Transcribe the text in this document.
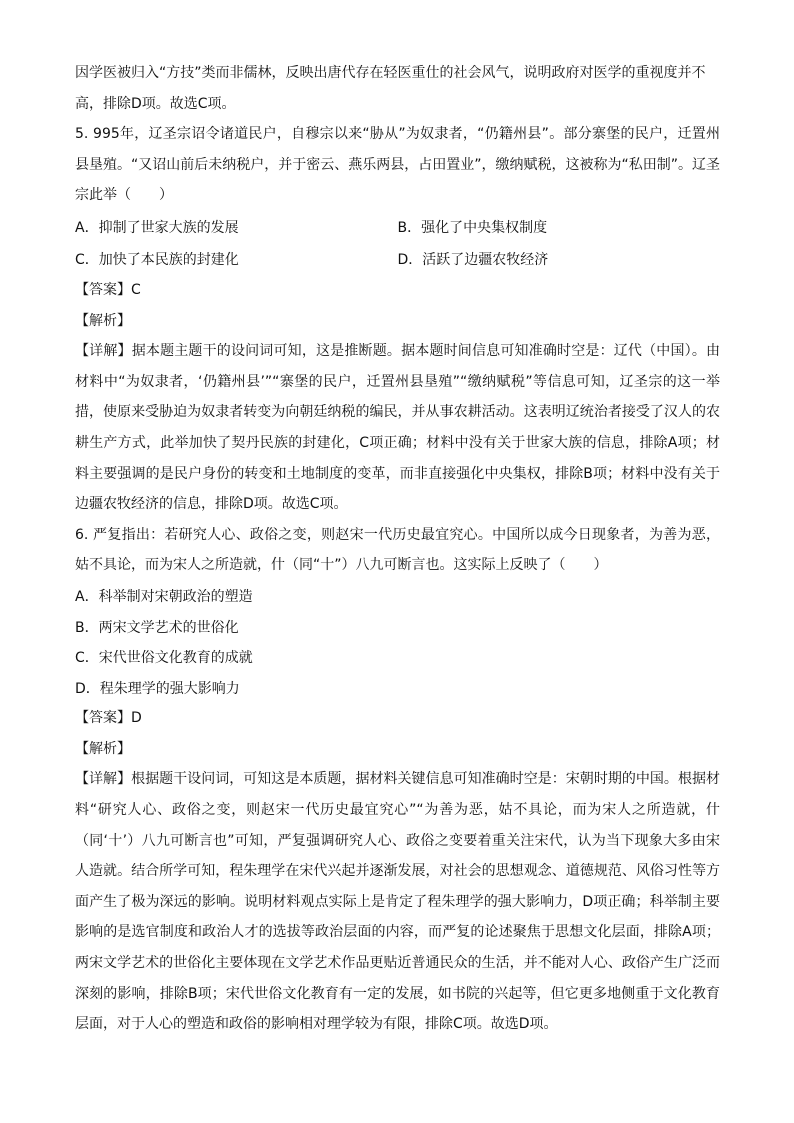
因学医被归入“方技”类而非儒林，反映出唐代存在轻医重仕的社会风气，说明政府对医学的重视度并不
高，排除D项。故选C项。

5. 995年，辽圣宗诏令诸道民户，自穆宗以来“胁从”为奴隶者，“仍籍州县”。部分寨堡的民户，迁置州县垦殖。“又诏山前后未纳税户，并于密云、燕乐两县，占田置业”，缴纳赋税，这被称为“私田制”。辽圣宗此举（　　）

A．抑制了世家大族的发展	B．强化了中央集权制度
C．加快了本民族的封建化	D．活跃了边疆农牧经济

【答案】C

【解析】

【详解】据本题主题干的设问词可知，这是推断题。据本题时间信息可知准确时空是：辽代（中国）。由材料中“为奴隶者，‘仍籍州县’”“寨堡的民户，迁置州县垦殖”“缴纳赋税”等信息可知，辽圣宗的这一举措，使原来受胁迫为奴隶者转变为向朝廷纳税的编民，并从事农耕活动。这表明辽统治者接受了汉人的农耕生产方式，此举加快了契丹民族的封建化，C项正确；材料中没有关于世家大族的信息，排除A项；材料主要强调的是民户身份的转变和土地制度的变革，而非直接强化中央集权，排除B项；材料中没有关于边疆农牧经济的信息，排除D项。故选C项。

6. 严复指出：若研究人心、政俗之变，则赵宋一代历史最宜究心。中国所以成今日现象者，为善为恶，姑不具论，而为宋人之所造就，什（同“十”）八九可断言也。这实际上反映了（　　）

A．科举制对宋朝政治的塑造
B．两宋文学艺术的世俗化
C．宋代世俗文化教育的成就
D．程朱理学的强大影响力

【答案】D

【解析】

【详解】根据题干设问词，可知这是本质题，据材料关键信息可知准确时空是：宋朝时期的中国。根据材料“研究人心、政俗之变，则赵宋一代历史最宜究心”“为善为恶，姑不具论，而为宋人之所造就，什（同‘十’）八九可断言也”可知，严复强调研究人心、政俗之变要着重关注宋代，认为当下现象大多由宋人造就。结合所学可知，程朱理学在宋代兴起并逐渐发展，对社会的思想观念、道德规范、风俗习性等方面产生了极为深远的影响。说明材料观点实际上是肯定了程朱理学的强大影响力，D项正确；科举制主要影响的是选官制度和政治人才的选拔等政治层面的内容，而严复的论述聚焦于思想文化层面，排除A项；两宋文学艺术的世俗化主要体现在文学艺术作品更贴近普通民众的生活，并不能对人心、政俗产生广泛而深刻的影响，排除B项；宋代世俗文化教育有一定的发展，如书院的兴起等，但它更多地侧重于文化教育层面，对于人心的塑造和政俗的影响相对理学较为有限，排除C项。故选D项。
